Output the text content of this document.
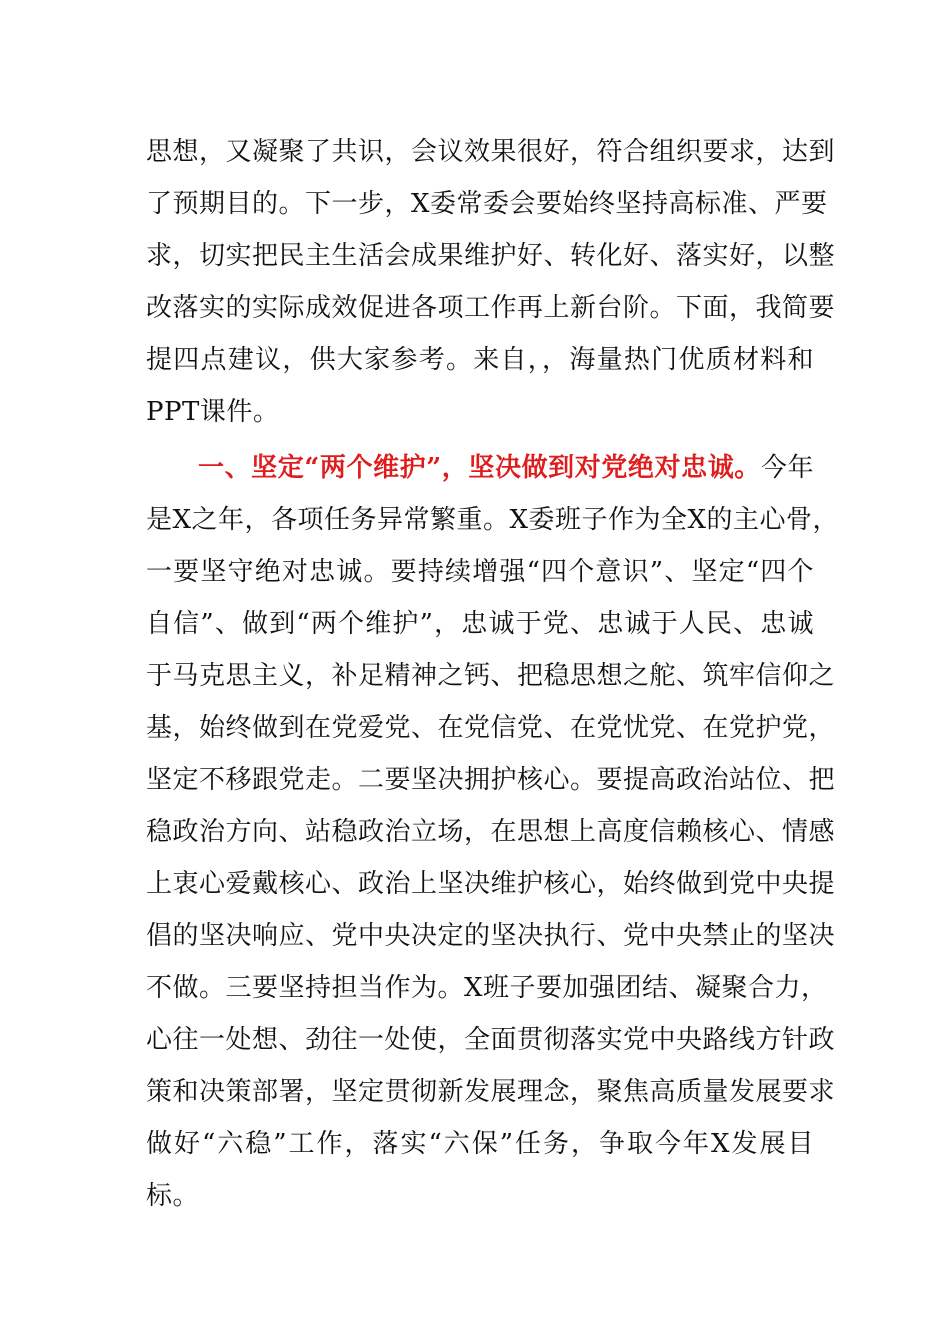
思想，又凝聚了共识，会议效果很好，符合组织要求，达到
了预期目的。下一步，X委常委会要始终坚持高标准、严要
求，切实把民主生活会成果维护好、转化好、落实好，以整
改落实的实际成效促进各项工作再上新台阶。下面，我简要
提四点建议，供大家参考。来自，，海量热门优质材料和
PPT课件。
一、坚定“两个维护”，坚决做到对党绝对忠诚。今年
是X之年，各项任务异常繁重。X委班子作为全X的主心骨，
一要坚守绝对忠诚。要持续增强“四个意识”、坚定“四个
自信”、做到“两个维护”，忠诚于党、忠诚于人民、忠诚
于马克思主义，补足精神之钙、把稳思想之舵、筑牢信仰之
基，始终做到在党爱党、在党信党、在党忧党、在党护党，
坚定不移跟党走。二要坚决拥护核心。要提高政治站位、把
稳政治方向、站稳政治立场，在思想上高度信赖核心、情感
上衷心爱戴核心、政治上坚决维护核心，始终做到党中央提
倡的坚决响应、党中央决定的坚决执行、党中央禁止的坚决
不做。三要坚持担当作为。X班子要加强团结、凝聚合力，
心往一处想、劲往一处使，全面贯彻落实党中央路线方针政
策和决策部署，坚定贯彻新发展理念，聚焦高质量发展要求
做好“六稳”工作，落实“六保”任务，争取今年X发展目
标。
